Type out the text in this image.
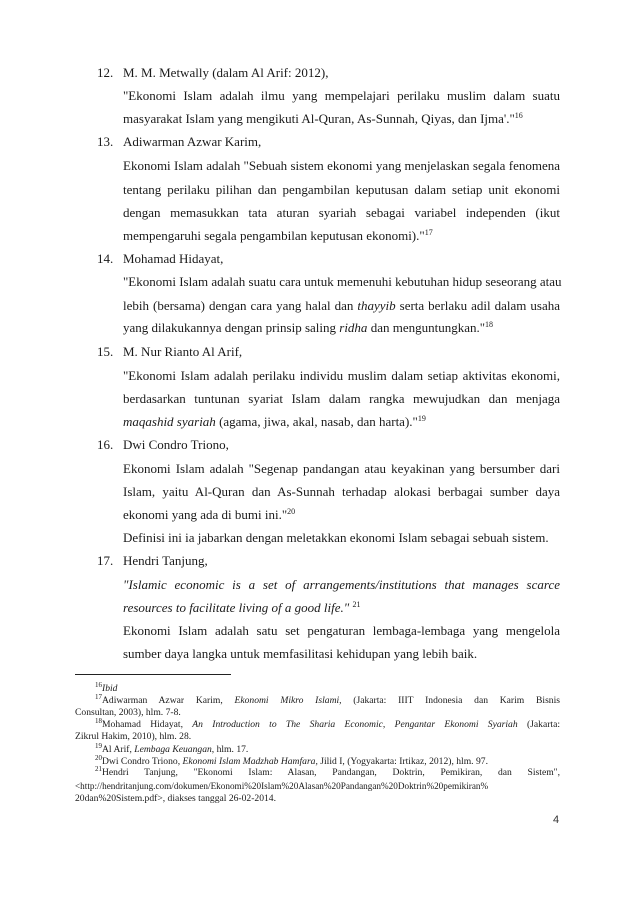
12. M. M. Metwally (dalam Al Arif: 2012),
"Ekonomi Islam adalah ilmu yang mempelajari perilaku muslim dalam suatu
masyarakat Islam yang mengikuti Al-Quran, As-Sunnah, Qiyas, dan Ijma'."$^{16}$
13. Adiwarman Azwar Karim,
Ekonomi Islam adalah "Sebuah sistem ekonomi yang menjelaskan segala fenomena
tentang perilaku pilihan dan pengambilan keputusan dalam setiap unit ekonomi
dengan memasukkan tata aturan syariah sebagai variabel independen (ikut
mempengaruhi segala pengambilan keputusan ekonomi)."$^{17}$
14. Mohamad Hidayat,
"Ekonomi Islam adalah suatu cara untuk memenuhi kebutuhan hidup seseorang atau
lebih (bersama) dengan cara yang halal dan thayyib serta berlaku adil dalam usaha
yang dilakukannya dengan prinsip saling ridha dan menguntungkan."$^{18}$
15. M. Nur Rianto Al Arif,
"Ekonomi Islam adalah perilaku individu muslim dalam setiap aktivitas ekonomi,
berdasarkan tuntunan syariat Islam dalam rangka mewujudkan dan menjaga
maqashid syariah (agama, jiwa, akal, nasab, dan harta)."$^{19}$
16. Dwi Condro Triono,
Ekonomi Islam adalah "Segenap pandangan atau keyakinan yang bersumber dari
Islam, yaitu Al-Quran dan As-Sunnah terhadap alokasi berbagai sumber daya
ekonomi yang ada di bumi ini."$^{20}$
Definisi ini ia jabarkan dengan meletakkan ekonomi Islam sebagai sebuah sistem.
17. Hendri Tanjung,
"Islamic economic is a set of arrangements/institutions that manages scarce
resources to facilitate living of a good life." $^{21}$
Ekonomi Islam adalah satu set pengaturan lembaga-lembaga yang mengelola
sumber daya langka untuk memfasilitasi kehidupan yang lebih baik.
$^{16}$Ibid
$^{17}$Adiwarman Azwar Karim, Ekonomi Mikro Islami, (Jakarta: IIIT Indonesia dan Karim Bisnis
Consultan, 2003), hlm. 7-8.
$^{18}$Mohamad Hidayat, An Introduction to The Sharia Economic, Pengantar Ekonomi Syariah (Jakarta:
Zikrul Hakim, 2010), hlm. 28.
$^{19}$Al Arif, Lembaga Keuangan, hlm. 17.
$^{20}$Dwi Condro Triono, Ekonomi Islam Madzhab Hamfara, Jilid I, (Yogyakarta: Irtikaz, 2012), hlm. 97.
$^{21}$Hendri Tanjung, "Ekonomi Islam: Alasan, Pandangan, Doktrin, Pemikiran, dan Sistem",
<http://hendritanjung.com/dokumen/Ekonomi%20Islam%20Alasan%20Pandangan%20Doktrin%20pemikiran%
4
20dan%20Sistem.pdf>, diakses tanggal 26-02-2014.
